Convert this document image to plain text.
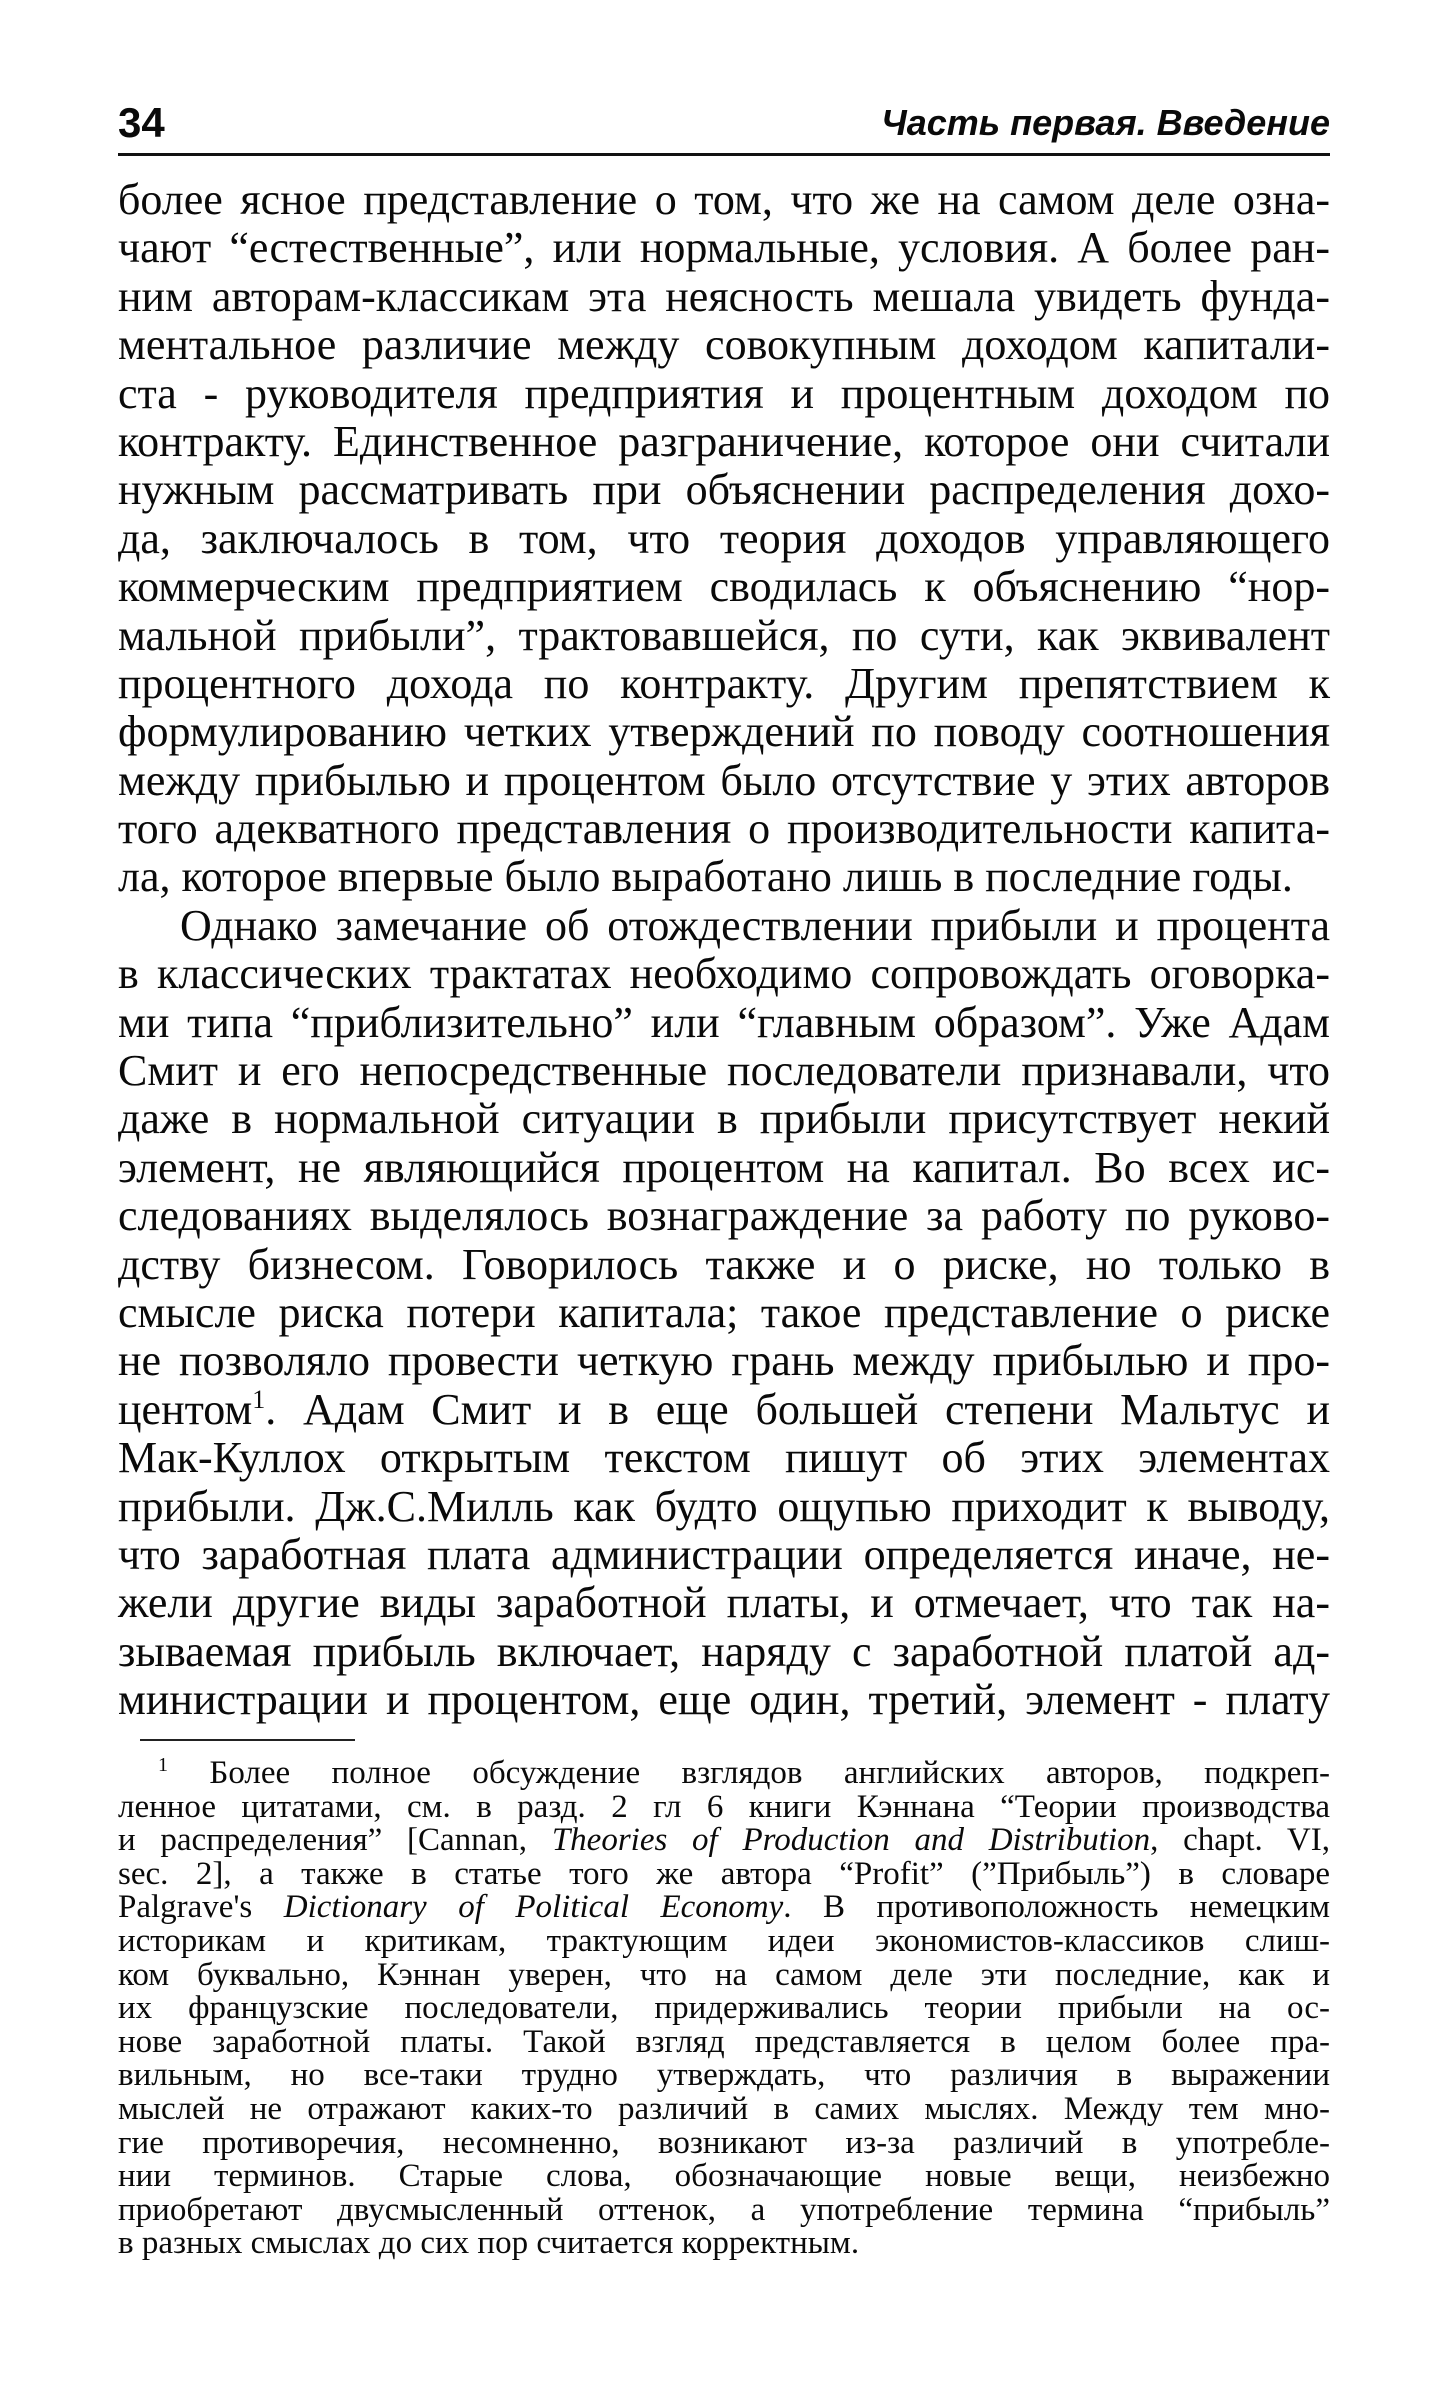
34	Часть первая. Введение
более ясное представление о том, что же на самом деле озна-
чают “естественные”, или нормальные, условия. А более ран-
ним авторам-классикам эта неясность мешала увидеть фунда-
ментальное различие между совокупным доходом капитали-
ста - руководителя предприятия и процентным доходом по
контракту. Единственное разграничение, которое они считали
нужным рассматривать при объяснении распределения дохо-
да, заключалось в том, что теория доходов управляющего
коммерческим предприятием сводилась к объяснению “нор-
мальной прибыли”, трактовавшейся, по сути, как эквивалент
процентного дохода по контракту. Другим препятствием к
формулированию четких утверждений по поводу соотношения
между прибылью и процентом было отсутствие у этих авторов
того адекватного представления о производительности капита-
ла, которое впервые было выработано лишь в последние годы.
Однако замечание об отождествлении прибыли и процента
в классических трактатах необходимо сопровождать оговорка-
ми типа “приблизительно” или “главным образом”. Уже Адам
Смит и его непосредственные последователи признавали, что
даже в нормальной ситуации в прибыли присутствует некий
элемент, не являющийся процентом на капитал. Во всех ис-
следованиях выделялось вознаграждение за работу по руково-
дству бизнесом. Говорилось также и о риске, но только в
смысле риска потери капитала; такое представление о риске
не позволяло провести четкую грань между прибылью и про-
центом$^1$. Адам Смит и в еще большей степени Мальтус и
Мак-Куллох открытым текстом пишут об этих элементах
прибыли. Дж.С.Милль как будто ощупью приходит к выводу,
что заработная плата администрации определяется иначе, не-
жели другие виды заработной платы, и отмечает, что так на-
зываемая прибыль включает, наряду с заработной платой ад-
министрации и процентом, еще один, третий, элемент - плату
$^1$ Более полное обсуждение взглядов английских авторов, подкреп-
ленное цитатами, см. в разд. 2 гл 6 книги Кэннана “Теории производства
и распределения” [Cannan, Theories of Production and Distribution, chapt. VI,
sec. 2], а также в статье того же автора “Profit” (”Прибыль”) в словаре
Palgrave's Dictionary of Political Economy. В противоположность немецким
историкам и критикам, трактующим идеи экономистов-классиков слиш-
ком буквально, Кэннан уверен, что на самом деле эти последние, как и
их французские последователи, придерживались теории прибыли на ос-
нове заработной платы. Такой взгляд представляется в целом более пра-
вильным, но все-таки трудно утверждать, что различия в выражении
мыслей не отражают каких-то различий в самих мыслях. Между тем мно-
гие противоречия, несомненно, возникают из-за различий в употребле-
нии терминов. Старые слова, обозначающие новые вещи, неизбежно
приобретают двусмысленный оттенок, а употребление термина “прибыль”
в разных смыслах до сих пор считается корректным.
